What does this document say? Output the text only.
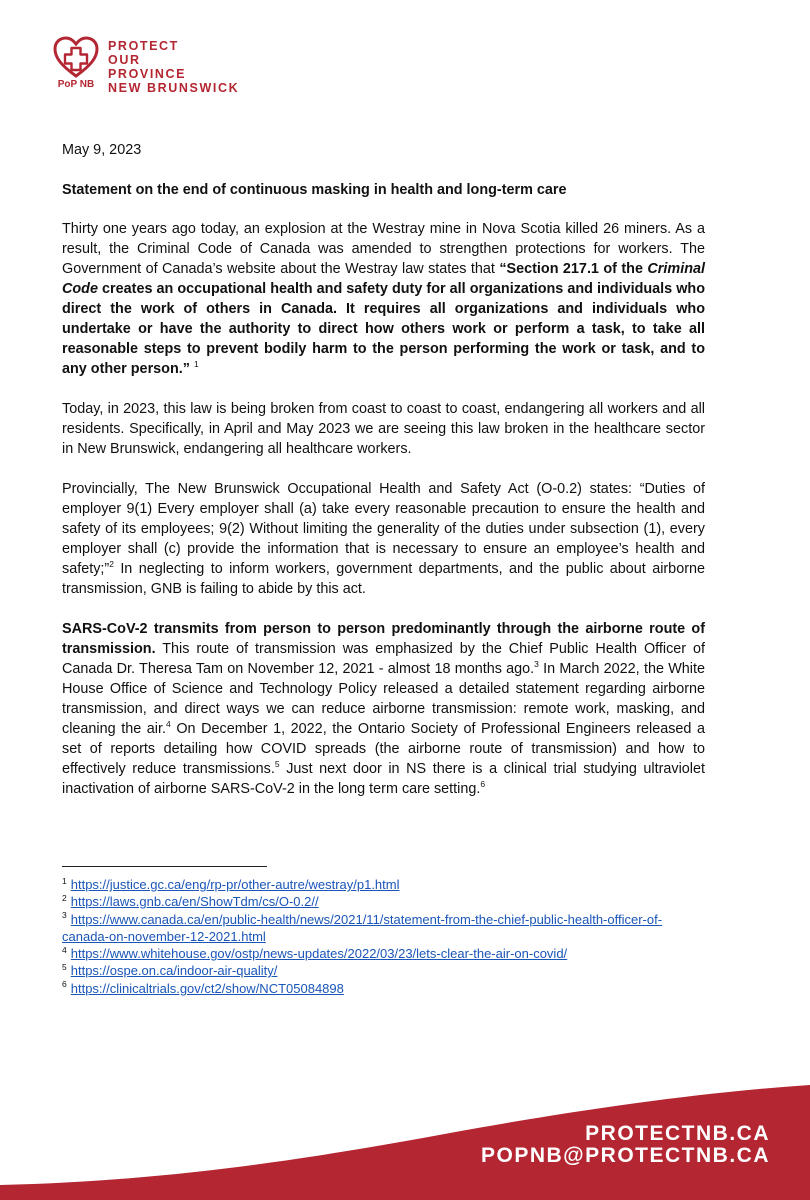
PoP NB
PROTECT
OUR
PROVINCE
NEW BRUNSWICK

May 9, 2023

Statement on the end of continuous masking in health and long-term care

Thirty one years ago today, an explosion at the Westray mine in Nova Scotia killed 26 miners. As a result, the Criminal Code of Canada was amended to strengthen protections for workers. The Government of Canada’s website about the Westray law states that “Section 217.1 of the Criminal Code creates an occupational health and safety duty for all organizations and individuals who direct the work of others in Canada. It requires all organizations and individuals who undertake or have the authority to direct how others work or perform a task, to take all reasonable steps to prevent bodily harm to the person performing the work or task, and to any other person.” $^1$

Today, in 2023, this law is being broken from coast to coast to coast, endangering all workers and all residents. Specifically, in April and May 2023 we are seeing this law broken in the healthcare sector in New Brunswick, endangering all healthcare workers.

Provincially, The New Brunswick Occupational Health and Safety Act (O-0.2) states: “Duties of employer 9(1) Every employer shall (a) take every reasonable precaution to ensure the health and safety of its employees; 9(2) Without limiting the generality of the duties under subsection (1), every employer shall (c) provide the information that is necessary to ensure an employee’s health and safety;”$^2$ In neglecting to inform workers, government departments, and the public about airborne transmission, GNB is failing to abide by this act.

SARS-CoV-2 transmits from person to person predominantly through the airborne route of transmission. This route of transmission was emphasized by the Chief Public Health Officer of Canada Dr. Theresa Tam on November 12, 2021 - almost 18 months ago.$^3$ In March 2022, the White House Office of Science and Technology Policy released a detailed statement regarding airborne transmission, and direct ways we can reduce airborne transmission: remote work, masking, and cleaning the air.$^4$ On December 1, 2022, the Ontario Society of Professional Engineers released a set of reports detailing how COVID spreads (the airborne route of transmission) and how to effectively reduce transmissions.$^5$ Just next door in NS there is a clinical trial studying ultraviolet inactivation of airborne SARS-CoV-2 in the long term care setting.$^6$

$^1$ https://justice.gc.ca/eng/rp-pr/other-autre/westray/p1.html
$^2$ https://laws.gnb.ca/en/ShowTdm/cs/O-0.2//
$^3$ https://www.canada.ca/en/public-health/news/2021/11/statement-from-the-chief-public-health-officer-of-canada-on-november-12-2021.html
$^4$ https://www.whitehouse.gov/ostp/news-updates/2022/03/23/lets-clear-the-air-on-covid/
$^5$ https://ospe.on.ca/indoor-air-quality/
$^6$ https://clinicaltrials.gov/ct2/show/NCT05084898
PROTECTNB.CA
POPNB@PROTECTNB.CA
